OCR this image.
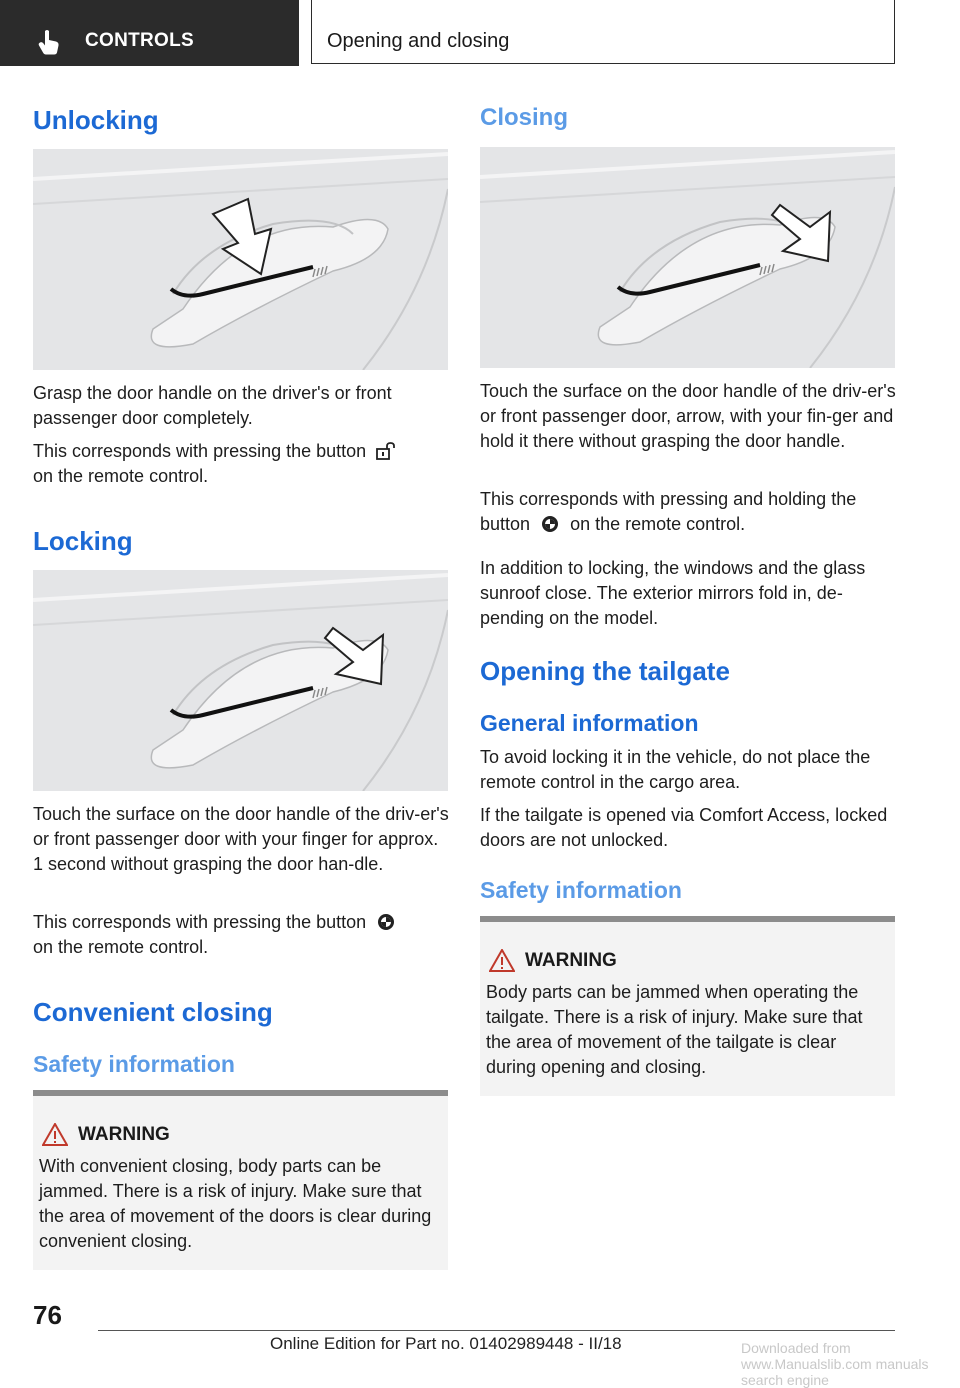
CONTROLS	Opening and closing
Unlocking

Grasp the door handle on the driver's or front passenger door completely.

This corresponds with pressing the button
on the remote control.

Locking

Touch the surface on the door handle of the driv-er's or front passenger door with your finger for approx. 1 second without grasping the door han-dle.

This corresponds with pressing the button
on the remote control.

Convenient closing
Safety information
WARNING
With convenient closing, body parts can be jammed. There is a risk of injury. Make sure that the area of movement of the doors is clear during convenient closing.
Closing

Touch the surface on the door handle of the driv-er's or front passenger door, arrow, with your fin-ger and hold it there without grasping the door handle.

This corresponds with pressing and holding the button on the remote control.

In addition to locking, the windows and the glass sunroof close. The exterior mirrors fold in, de-pending on the model.

Opening the tailgate
General information

To avoid locking it in the vehicle, do not place the remote control in the cargo area.

If the tailgate is opened via Comfort Access, locked doors are not unlocked.

Safety information
WARNING
Body parts can be jammed when operating the tailgate. There is a risk of injury. Make sure that the area of movement of the tailgate is clear during opening and closing.
76
Online Edition for Part no. 01402989448 - II/18	Downloaded from www.Manualslib.com manuals search engine
